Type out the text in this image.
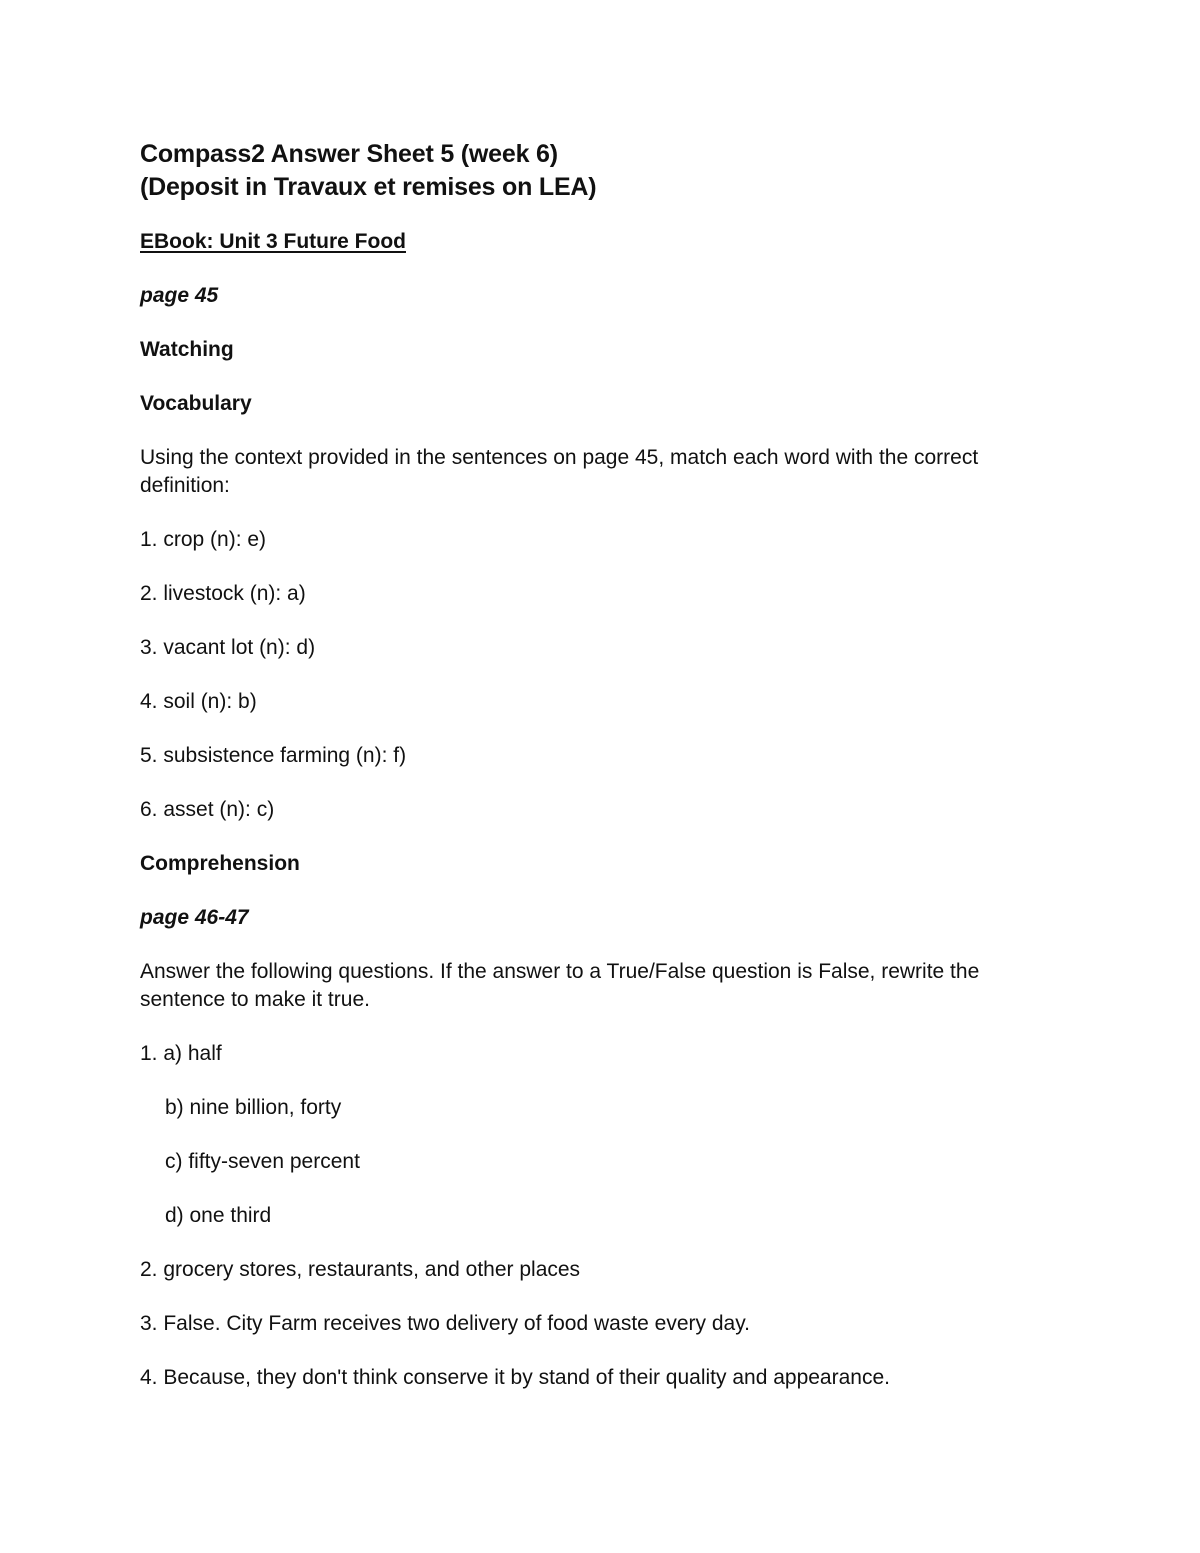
Compass2 Answer Sheet 5 (week 6)

(Deposit in Travaux et remises on LEA)

EBook: Unit 3 Future Food

page 45

Watching

Vocabulary

Using the context provided in the sentences on page 45, match each word with the correct definition:

1. crop (n): e)

2. livestock (n): a)

3. vacant lot (n): d)

4. soil (n): b)

5. subsistence farming (n): f)

6. asset (n): c)

Comprehension

page 46-47

Answer the following questions. If the answer to a True/False question is False, rewrite the sentence to make it true.

1. a) half

b) nine billion, forty

c) fifty-seven percent

d) one third

2. grocery stores, restaurants, and other places

3. False. City Farm receives two delivery of food waste every day.

4. Because, they don't think conserve it by stand of their quality and appearance.
